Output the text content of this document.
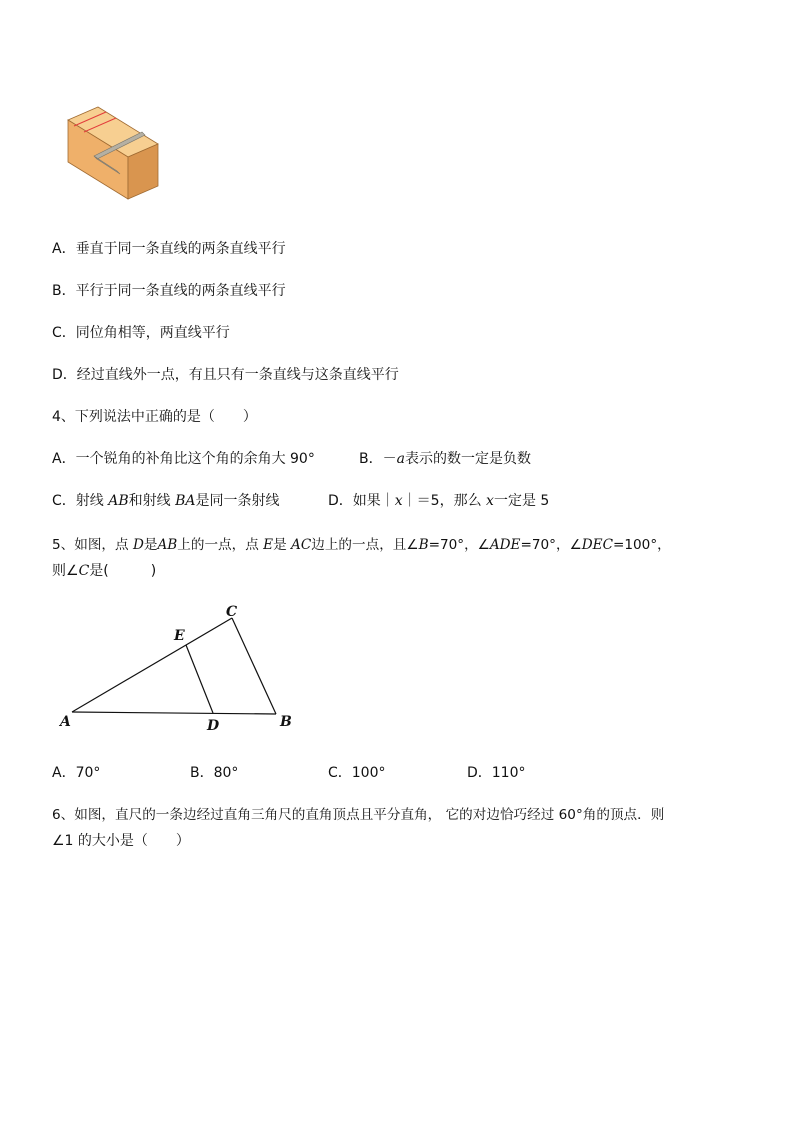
A．垂直于同一条直线的两条直线平行
B．平行于同一条直线的两条直线平行
C．同位角相等，两直线平行
D．经过直线外一点，有且只有一条直线与这条直线平行
4、下列说法中正确的是（　　）
A．一个锐角的补角比这个角的余角大 90°	B．－a表示的数一定是负数
C．射线 AB和射线 BA是同一条射线	D．如果｜x｜＝5，那么 x一定是 5
5、如图，点 D是AB上的一点，点 E是 AC边上的一点，且∠B=70°，∠ADE=70°，∠DEC=100°，
则∠C是(　　　)
C
E
A	D	B
A．70°	B．80°	C．100°	D．110°
6、如图，直尺的一条边经过直角三角尺的直角顶点且平分直角， 它的对边恰巧经过 60°角的顶点．则
∠1 的大小是（　　）
